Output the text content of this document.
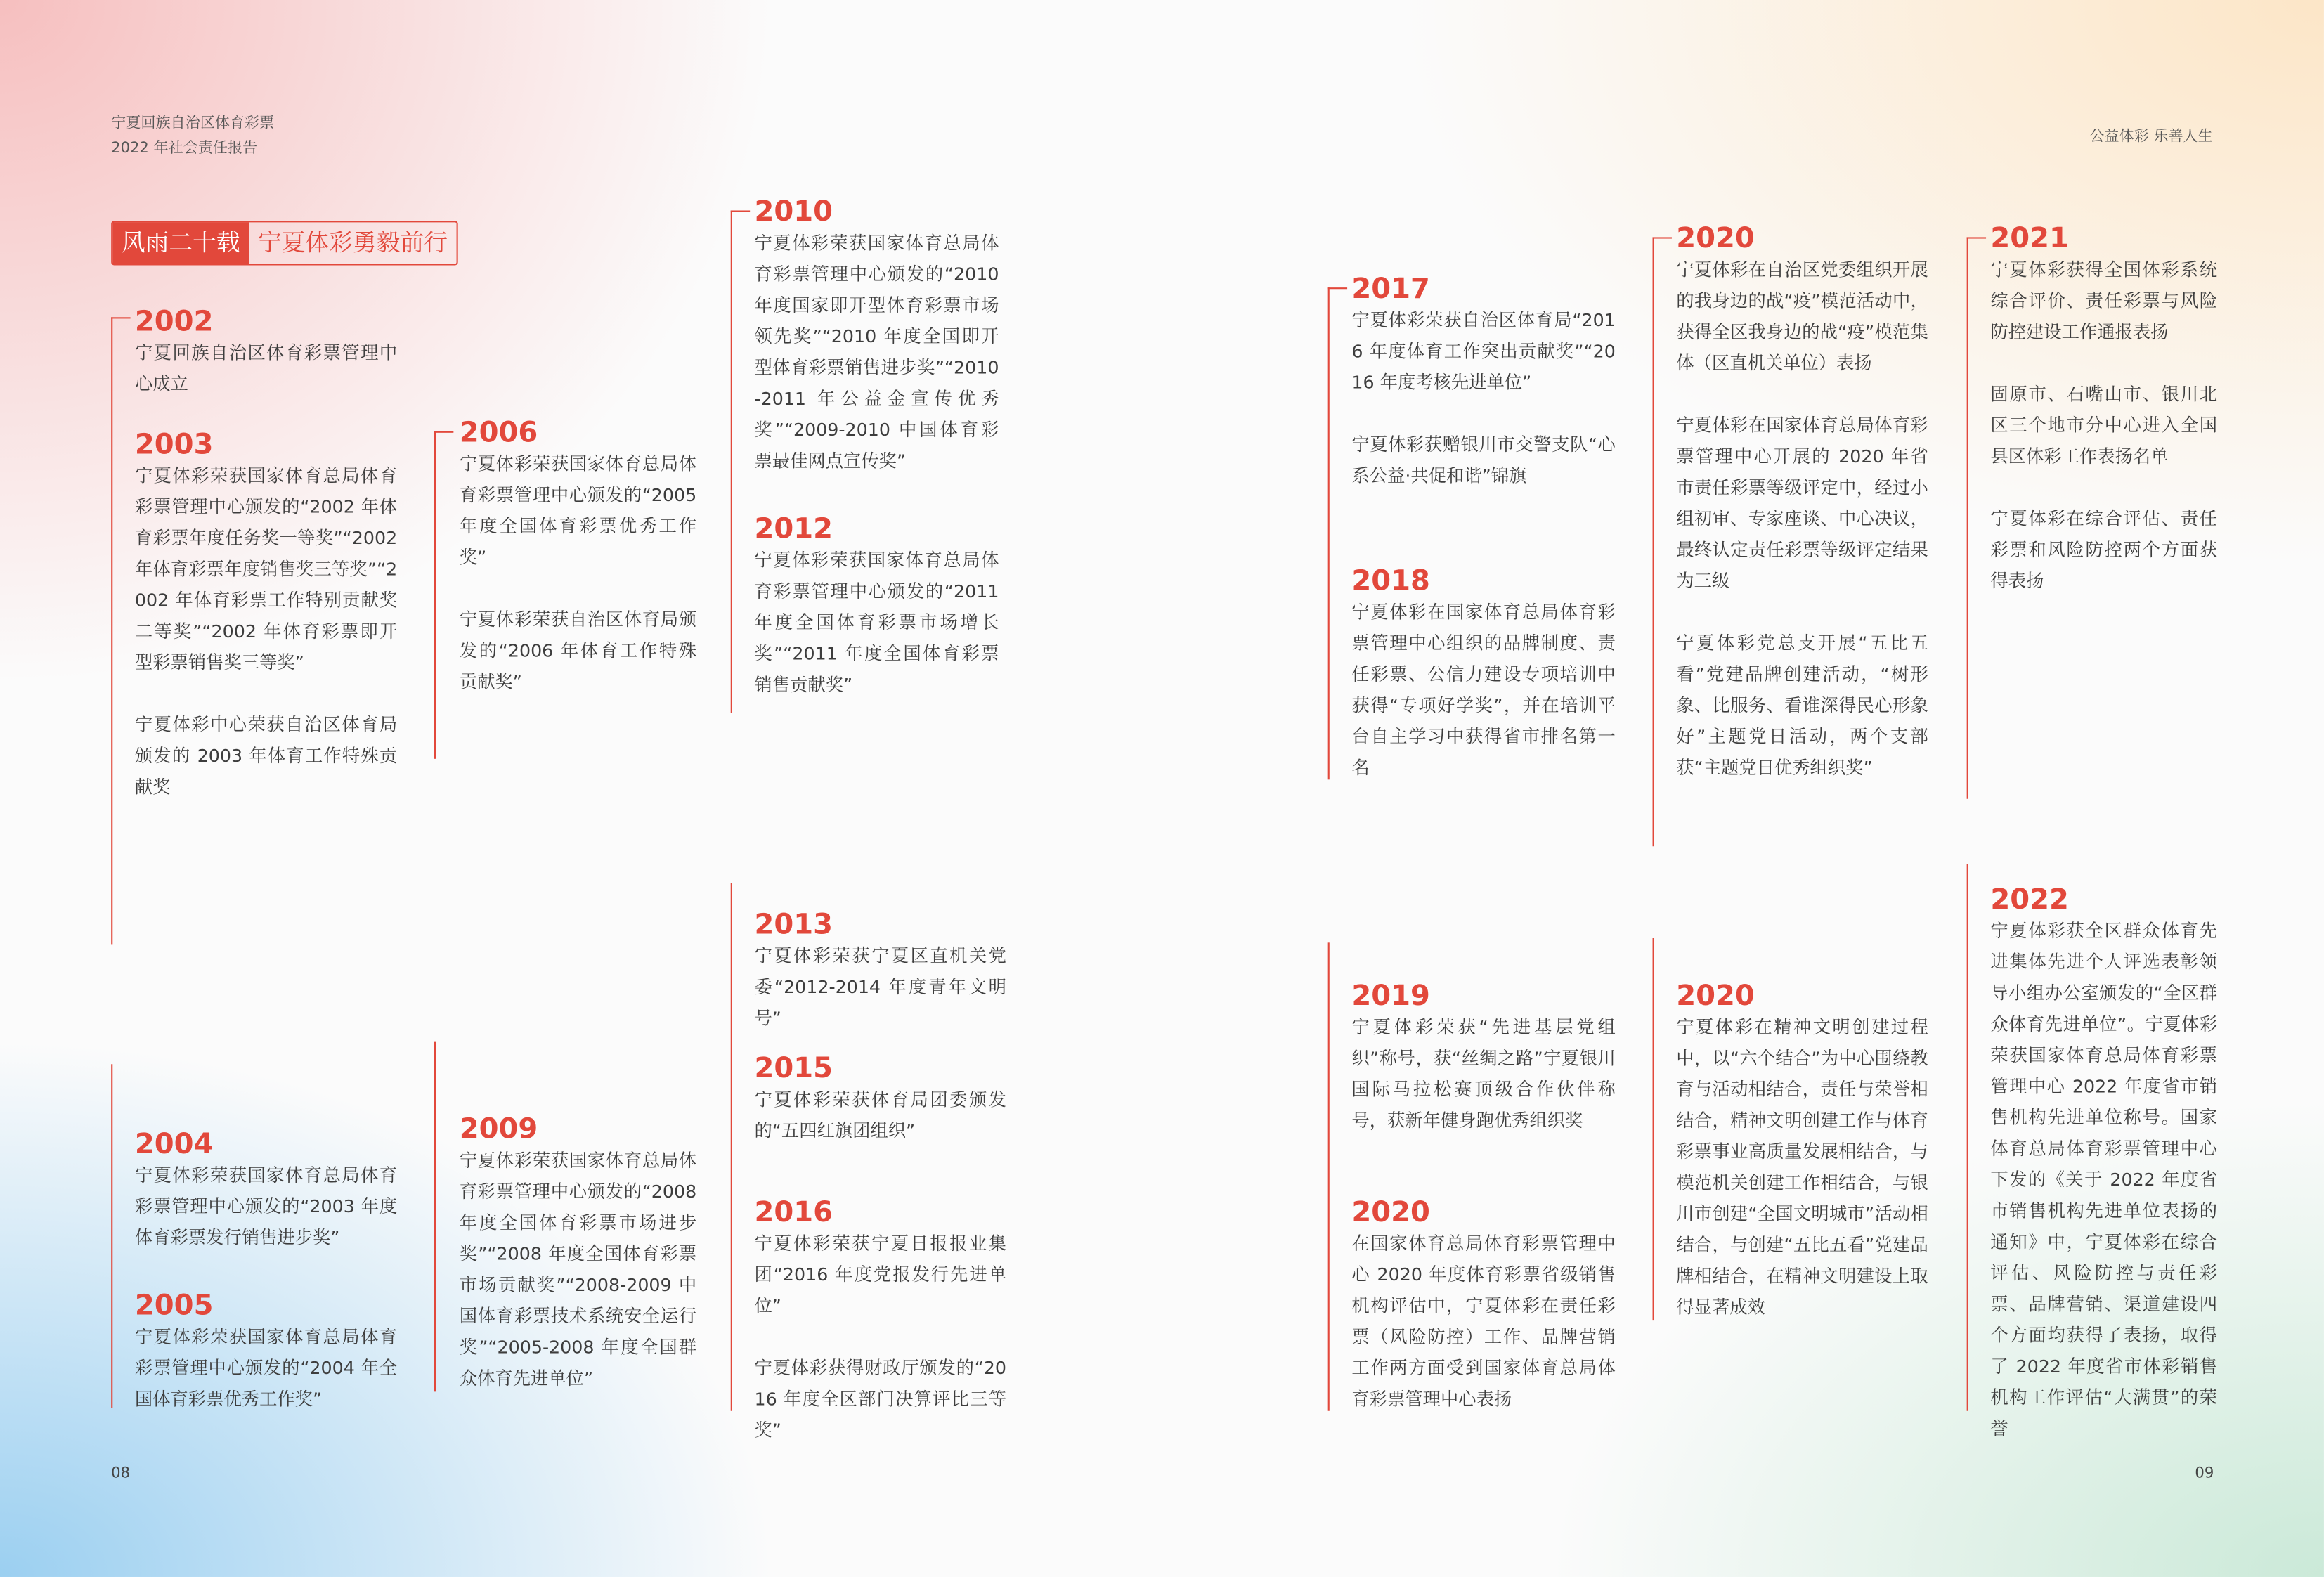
宁夏回族自治区体育彩票
2022 年社会责任报告
公益体彩 乐善人生
风雨二十载	宁夏体彩勇毅前行
2002
宁夏回族自治区体育彩票管理中心成立
2003
宁夏体彩荣获国家体育总局体育彩票管理中心颁发的“2002 年体育彩票年度任务奖一等奖”“2002 年体育彩票年度销售奖三等奖”“2002 年体育彩票工作特别贡献奖二等奖”“2002 年体育彩票即开型彩票销售奖三等奖”
宁夏体彩中心荣获自治区体育局颁发的 2003 年体育工作特殊贡献奖
2004
宁夏体彩荣获国家体育总局体育彩票管理中心颁发的“2003 年度体育彩票发行销售进步奖”
2005
宁夏体彩荣获国家体育总局体育彩票管理中心颁发的“2004 年全国体育彩票优秀工作奖”
2006
宁夏体彩荣获国家体育总局体育彩票管理中心颁发的“2005 年度全国体育彩票优秀工作奖”
宁夏体彩荣获自治区体育局颁发的“2006 年体育工作特殊贡献奖”
2009
宁夏体彩荣获国家体育总局体育彩票管理中心颁发的“2008 年度全国体育彩票市场进步奖”“2008 年度全国体育彩票市场贡献奖”“2008-2009 中国体育彩票技术系统安全运行奖”“2005-2008 年度全国群众体育先进单位”
2010
宁夏体彩荣获国家体育总局体育彩票管理中心颁发的“2010 年度国家即开型体育彩票市场领先奖”“2010 年度全国即开型体育彩票销售进步奖”“2010-2011 年公益金宣传优秀奖”“2009-2010 中国体育彩票最佳网点宣传奖”
2012
宁夏体彩荣获国家体育总局体育彩票管理中心颁发的“2011 年度全国体育彩票市场增长奖”“2011 年度全国体育彩票销售贡献奖”
2013
宁夏体彩荣获宁夏区直机关党委“2012-2014 年度青年文明号”
2015
宁夏体彩荣获体育局团委颁发的“五四红旗团组织”
2016
宁夏体彩荣获宁夏日报报业集团“2016 年度党报发行先进单位”
宁夏体彩获得财政厅颁发的“2016 年度全区部门决算评比三等奖”
2017
宁夏体彩荣获自治区体育局“2016 年度体育工作突出贡献奖”“2016 年度考核先进单位”
宁夏体彩获赠银川市交警支队“心系公益·共促和谐”锦旗
2018
宁夏体彩在国家体育总局体育彩票管理中心组织的品牌制度、责任彩票、公信力建设专项培训中获得“专项好学奖”，并在培训平台自主学习中获得省市排名第一名
2019
宁夏体彩荣获“先进基层党组织”称号，获“丝绸之路”宁夏银川国际马拉松赛顶级合作伙伴称号，获新年健身跑优秀组织奖
2020
在国家体育总局体育彩票管理中心 2020 年度体育彩票省级销售机构评估中，宁夏体彩在责任彩票（风险防控）工作、品牌营销工作两方面受到国家体育总局体育彩票管理中心表扬
2020
宁夏体彩在自治区党委组织开展的我身边的战“疫”模范活动中，获得全区我身边的战“疫”模范集体（区直机关单位）表扬
宁夏体彩在国家体育总局体育彩票管理中心开展的 2020 年省市责任彩票等级评定中，经过小组初审、专家座谈、中心决议，最终认定责任彩票等级评定结果为三级
宁夏体彩党总支开展“五比五看”党建品牌创建活动，“树形象、比服务、看谁深得民心形象好”主题党日活动，两个支部获“主题党日优秀组织奖”
2020
宁夏体彩在精神文明创建过程中，以“六个结合”为中心围绕教育与活动相结合，责任与荣誉相结合，精神文明创建工作与体育彩票事业高质量发展相结合，与模范机关创建工作相结合，与银川市创建“全国文明城市”活动相结合，与创建“五比五看”党建品牌相结合，在精神文明建设上取得显著成效
2021
宁夏体彩获得全国体彩系统综合评价、责任彩票与风险防控建设工作通报表扬
固原市、石嘴山市、银川北区三个地市分中心进入全国县区体彩工作表扬名单
宁夏体彩在综合评估、责任彩票和风险防控两个方面获得表扬
2022
宁夏体彩获全区群众体育先进集体先进个人评选表彰领导小组办公室颁发的“全区群众体育先进单位”。宁夏体彩荣获国家体育总局体育彩票管理中心 2022 年度省市销售机构先进单位称号。国家体育总局体育彩票管理中心下发的《关于 2022 年度省市销售机构先进单位表扬的通知》中，宁夏体彩在综合评估、风险防控与责任彩票、品牌营销、渠道建设四个方面均获得了表扬，取得了 2022 年度省市体彩销售机构工作评估“大满贯”的荣誉
08	09
